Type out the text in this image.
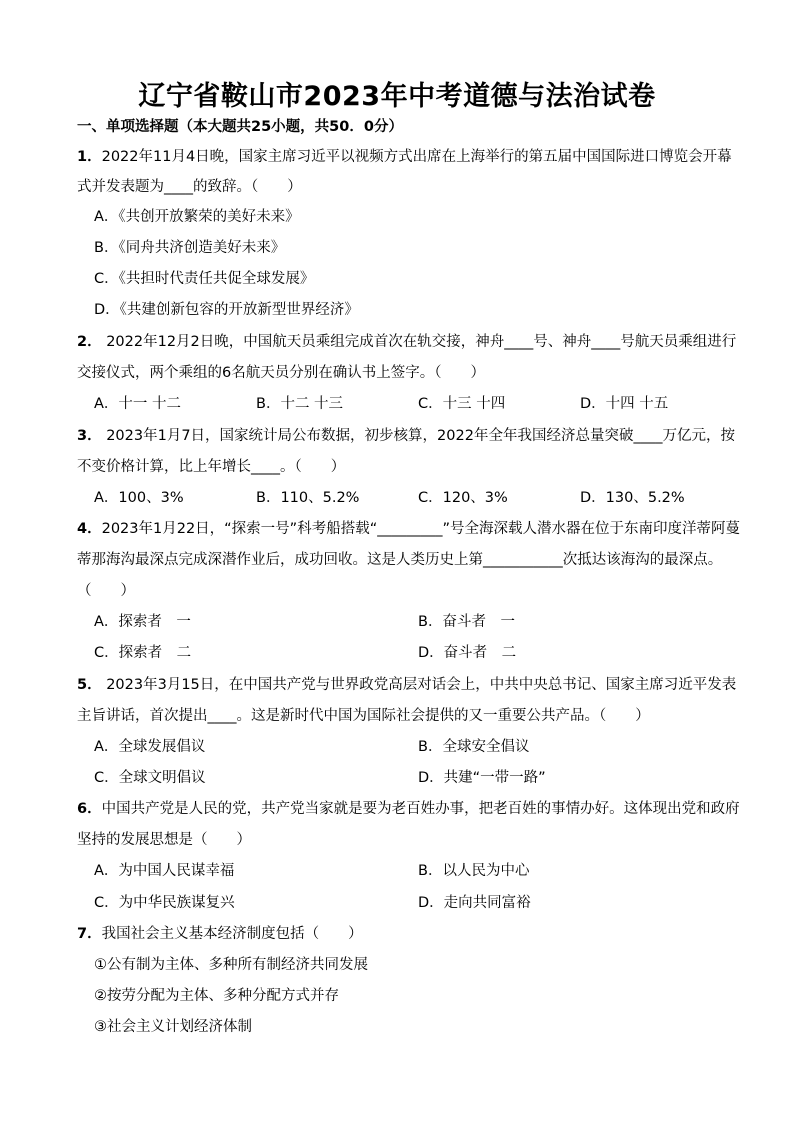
辽宁省鞍山市2023年中考道德与法治试卷
一、单项选择题（本大题共25小题，共50．0分）
1．2022年11月4日晚，国家主席习近平以视频方式出席在上海举行的第五届中国国际进口博览会开幕
式并发表题为____的致辞。（　　）
A．《共创开放繁荣的美好未来》
B．《同舟共济创造美好未来》
C．《共担时代责任共促全球发展》
D．《共建创新包容的开放新型世界经济》
2． 2022年12月2日晚，中国航天员乘组完成首次在轨交接，神舟____号、神舟____号航天员乘组进行
交接仪式，两个乘组的6名航天员分别在确认书上签字。（　　）
A．十一 十二	B．十二 十三	C．十三 十四	D．十四 十五
3． 2023年1月7日，国家统计局公布数据，初步核算，2022年全年我国经济总量突破____万亿元，按
不变价格计算，比上年增长____。（　　）
A．100、3%	B．110、5.2%	C．120、3%	D．130、5.2%
4．2023年1月22日，“探索一号”科考船搭载“_________”号全海深载人潜水器在位于东南印度洋蒂阿蔓
蒂那海沟最深点完成深潜作业后，成功回收。这是人类历史上第___________次抵达该海沟的最深点。
（　　）
A．探索者　一	B．奋斗者　一
C．探索者　二	D．奋斗者　二
5． 2023年3月15日，在中国共产党与世界政党高层对话会上，中共中央总书记、国家主席习近平发表
主旨讲话，首次提出____。这是新时代中国为国际社会提供的又一重要公共产品。（　　）
A．全球发展倡议	B．全球安全倡议
C．全球文明倡议	D．共建“一带一路”
6．中国共产党是人民的党，共产党当家就是要为老百姓办事，把老百姓的事情办好。这体现出党和政府
坚持的发展思想是（　　）
A．为中国人民谋幸福	B．以人民为中心
C．为中华民族谋复兴	D．走向共同富裕
7．我国社会主义基本经济制度包括（　　）
①公有制为主体、多种所有制经济共同发展
②按劳分配为主体、多种分配方式并存
③社会主义计划经济体制
